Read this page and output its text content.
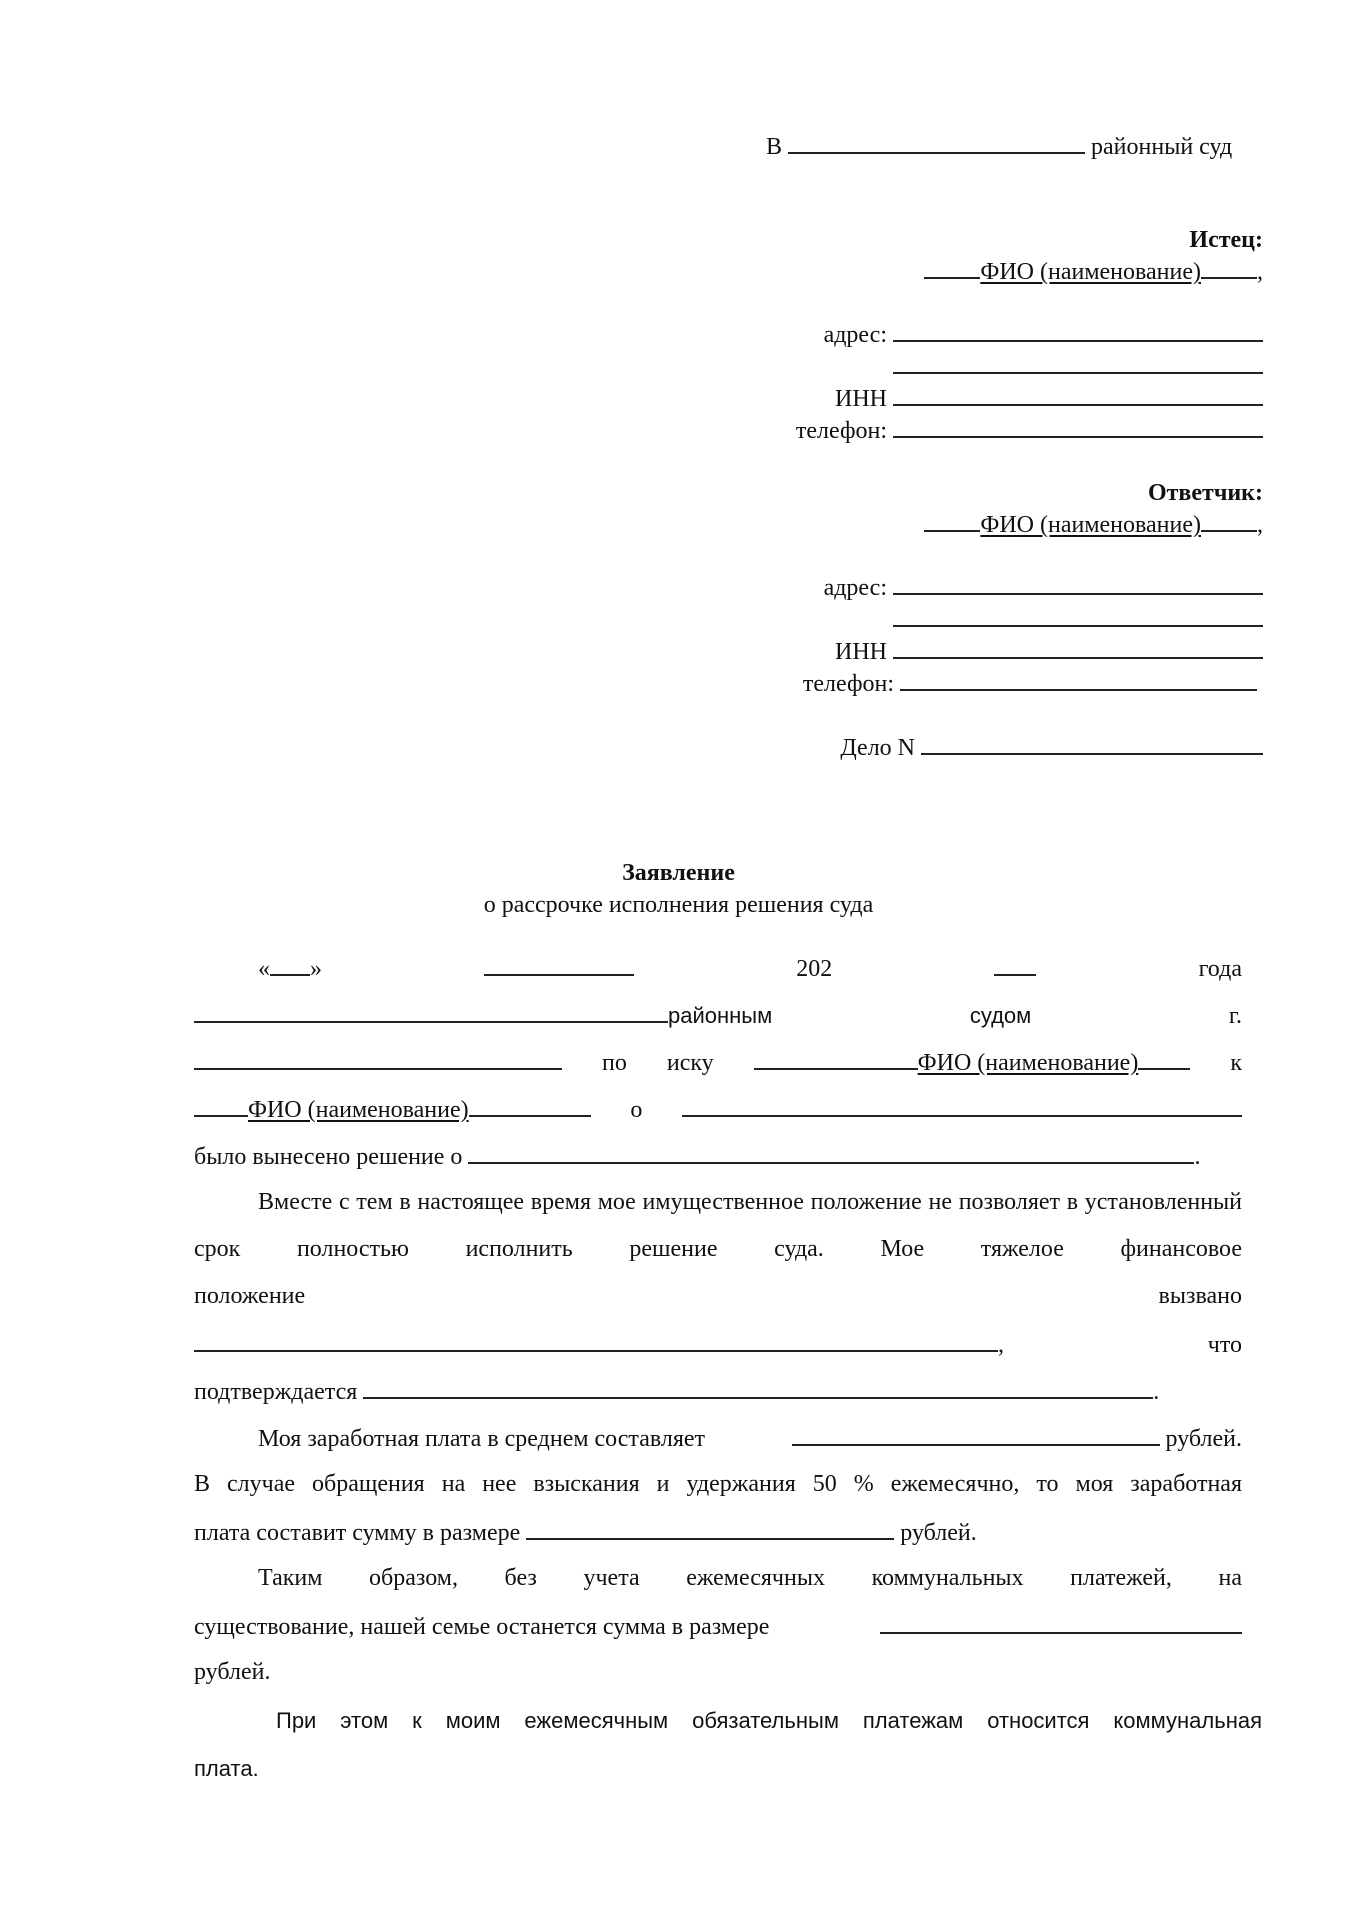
В	районный суд
Истец:
ФИО (наименование) ,
адрес:
ИНН
телефон:
Ответчик:
ФИО (наименование) ,
адрес:
ИНН
телефон:
Дело N
Заявление
о рассрочке исполнения решения суда
« »	202	года
районным	судом	г.
по иску	ФИО (наименование)	к
ФИО (наименование)	о
было вынесено решение о	.
Вместе с тем в настоящее время мое имущественное положение не позволяет в установленный срок полностью исполнить решение суда. Мое тяжелое финансовое
положение	вызвано
,	что
подтверждается	.
Моя заработная плата в среднем составляет	рублей.
В случае обращения на нее взыскания и удержания 50 % ежемесячно, то моя заработная
плата составит сумму в размере	рублей.
Таким образом, без учета ежемесячных коммунальных платежей, на
существование, нашей семье останется сумма в размере
рублей.
При этом к моим ежемесячным обязательным платежам относится коммунальная
плата.
